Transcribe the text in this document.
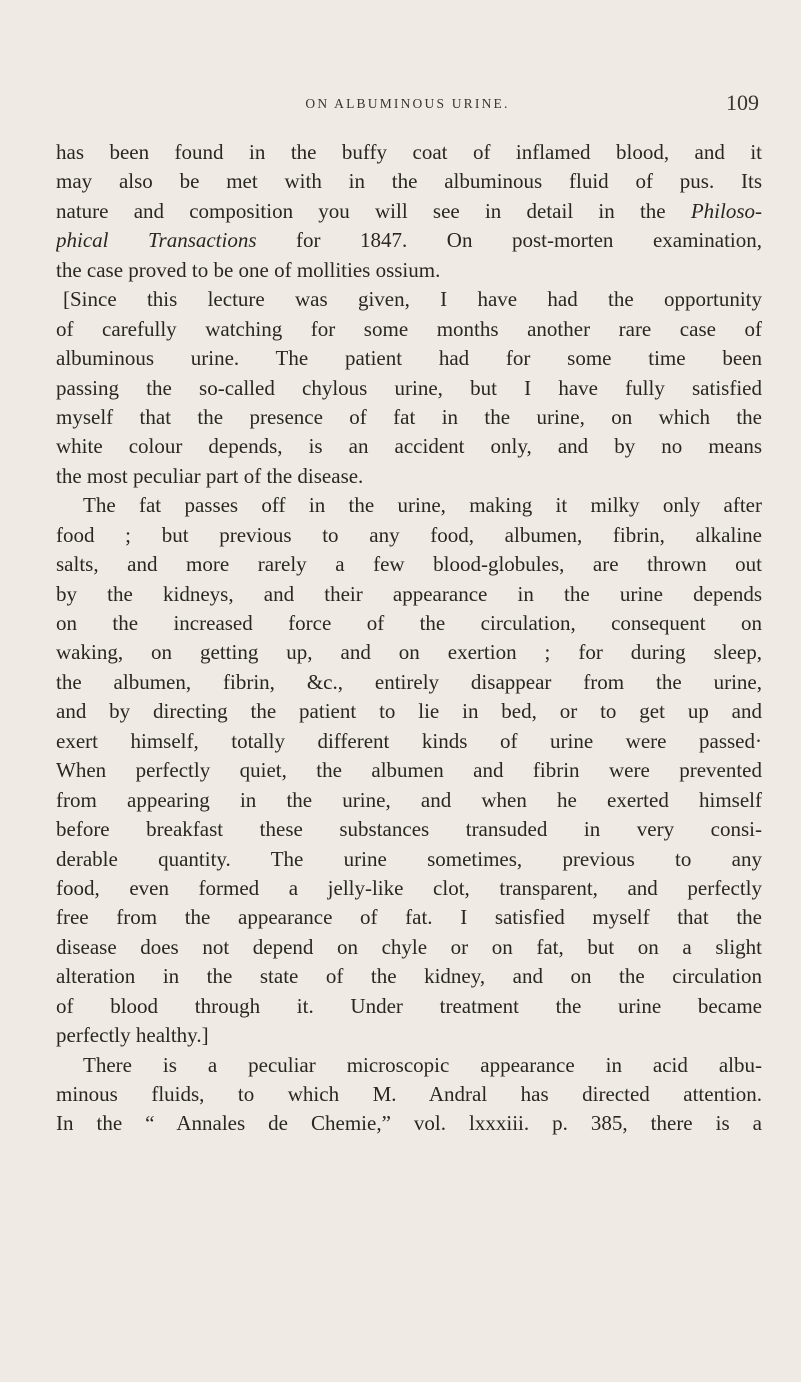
ON ALBUMINOUS URINE.	109
has been found in the buffy coat of inflamed blood, and it
may also be met with in the albuminous fluid of pus. Its
nature and composition you will see in detail in the Philoso-
phical Transactions for 1847. On post-morten examination,
the case proved to be one of mollities ossium.
[Since this lecture was given, I have had the opportunity
of carefully watching for some months another rare case of
albuminous urine. The patient had for some time been
passing the so-called chylous urine, but I have fully satisfied
myself that the presence of fat in the urine, on which the
white colour depends, is an accident only, and by no means
the most peculiar part of the disease.
The fat passes off in the urine, making it milky only after
food ; but previous to any food, albumen, fibrin, alkaline
salts, and more rarely a few blood-globules, are thrown out
by the kidneys, and their appearance in the urine depends
on the increased force of the circulation, consequent on
waking, on getting up, and on exertion ; for during sleep,
the albumen, fibrin, &c., entirely disappear from the urine,
and by directing the patient to lie in bed, or to get up and
exert himself, totally different kinds of urine were passed·
When perfectly quiet, the albumen and fibrin were prevented
from appearing in the urine, and when he exerted himself
before breakfast these substances transuded in very consi-
derable quantity. The urine sometimes, previous to any
food, even formed a jelly-like clot, transparent, and perfectly
free from the appearance of fat. I satisfied myself that the
disease does not depend on chyle or on fat, but on a slight
alteration in the state of the kidney, and on the circulation
of blood through it. Under treatment the urine became
perfectly healthy.]
There is a peculiar microscopic appearance in acid albu-
minous fluids, to which M. Andral has directed attention.
In the “ Annales de Chemie,” vol. lxxxiii. p. 385, there is a
